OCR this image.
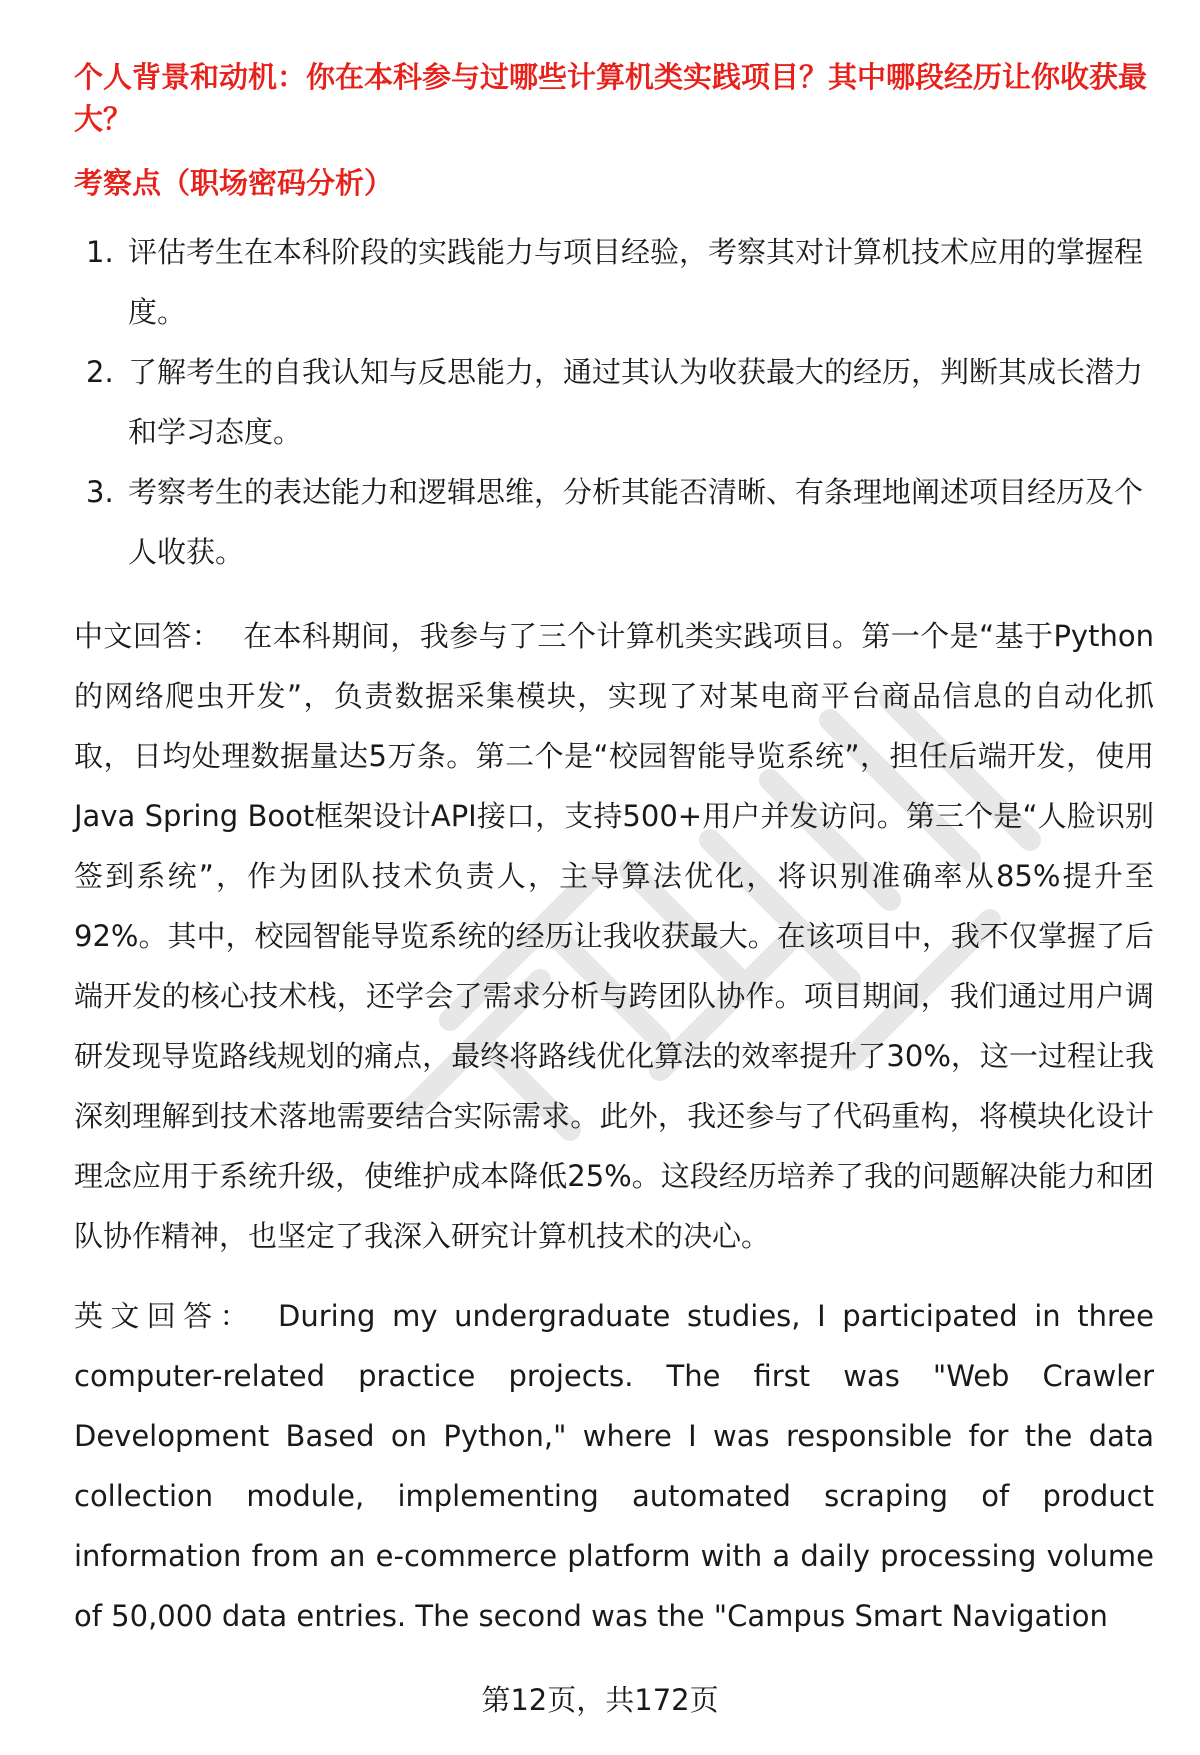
个人背景和动机：你在本科参与过哪些计算机类实践项目？其中哪段经历让你收获最大？
考察点（职场密码分析）
1. 评估考生在本科阶段的实践能力与项目经验，考察其对计算机技术应用的掌握程度。
2. 了解考生的自我认知与反思能力，通过其认为收获最大的经历，判断其成长潜力和学习态度。
3. 考察考生的表达能力和逻辑思维，分析其能否清晰、有条理地阐述项目经历及个人收获。

中文回答： 在本科期间，我参与了三个计算机类实践项目。第一个是“基于Python的网络爬虫开发”，负责数据采集模块，实现了对某电商平台商品信息的自动化抓取，日均处理数据量达5万条。第二个是“校园智能导览系统”，担任后端开发，使用Java Spring Boot框架设计API接口，支持500+用户并发访问。第三个是“人脸识别签到系统”，作为团队技术负责人，主导算法优化，将识别准确率从85%提升至92%。其中，校园智能导览系统的经历让我收获最大。在该项目中，我不仅掌握了后端开发的核心技术栈，还学会了需求分析与跨团队协作。项目期间，我们通过用户调研发现导览路线规划的痛点，最终将路线优化算法的效率提升了30%，这一过程让我深刻理解到技术落地需要结合实际需求。此外，我还参与了代码重构，将模块化设计理念应用于系统升级，使维护成本降低25%。这段经历培养了我的问题解决能力和团队协作精神，也坚定了我深入研究计算机技术的决心。

英文回答： During my undergraduate studies, I participated in three computer-related practice projects. The first was "Web Crawler Development Based on Python," where I was responsible for the data collection module, implementing automated scraping of product information from an e-commerce platform with a daily processing volume of 50,000 data entries. The second was the "Campus Smart Navigation

第12页，共172页
